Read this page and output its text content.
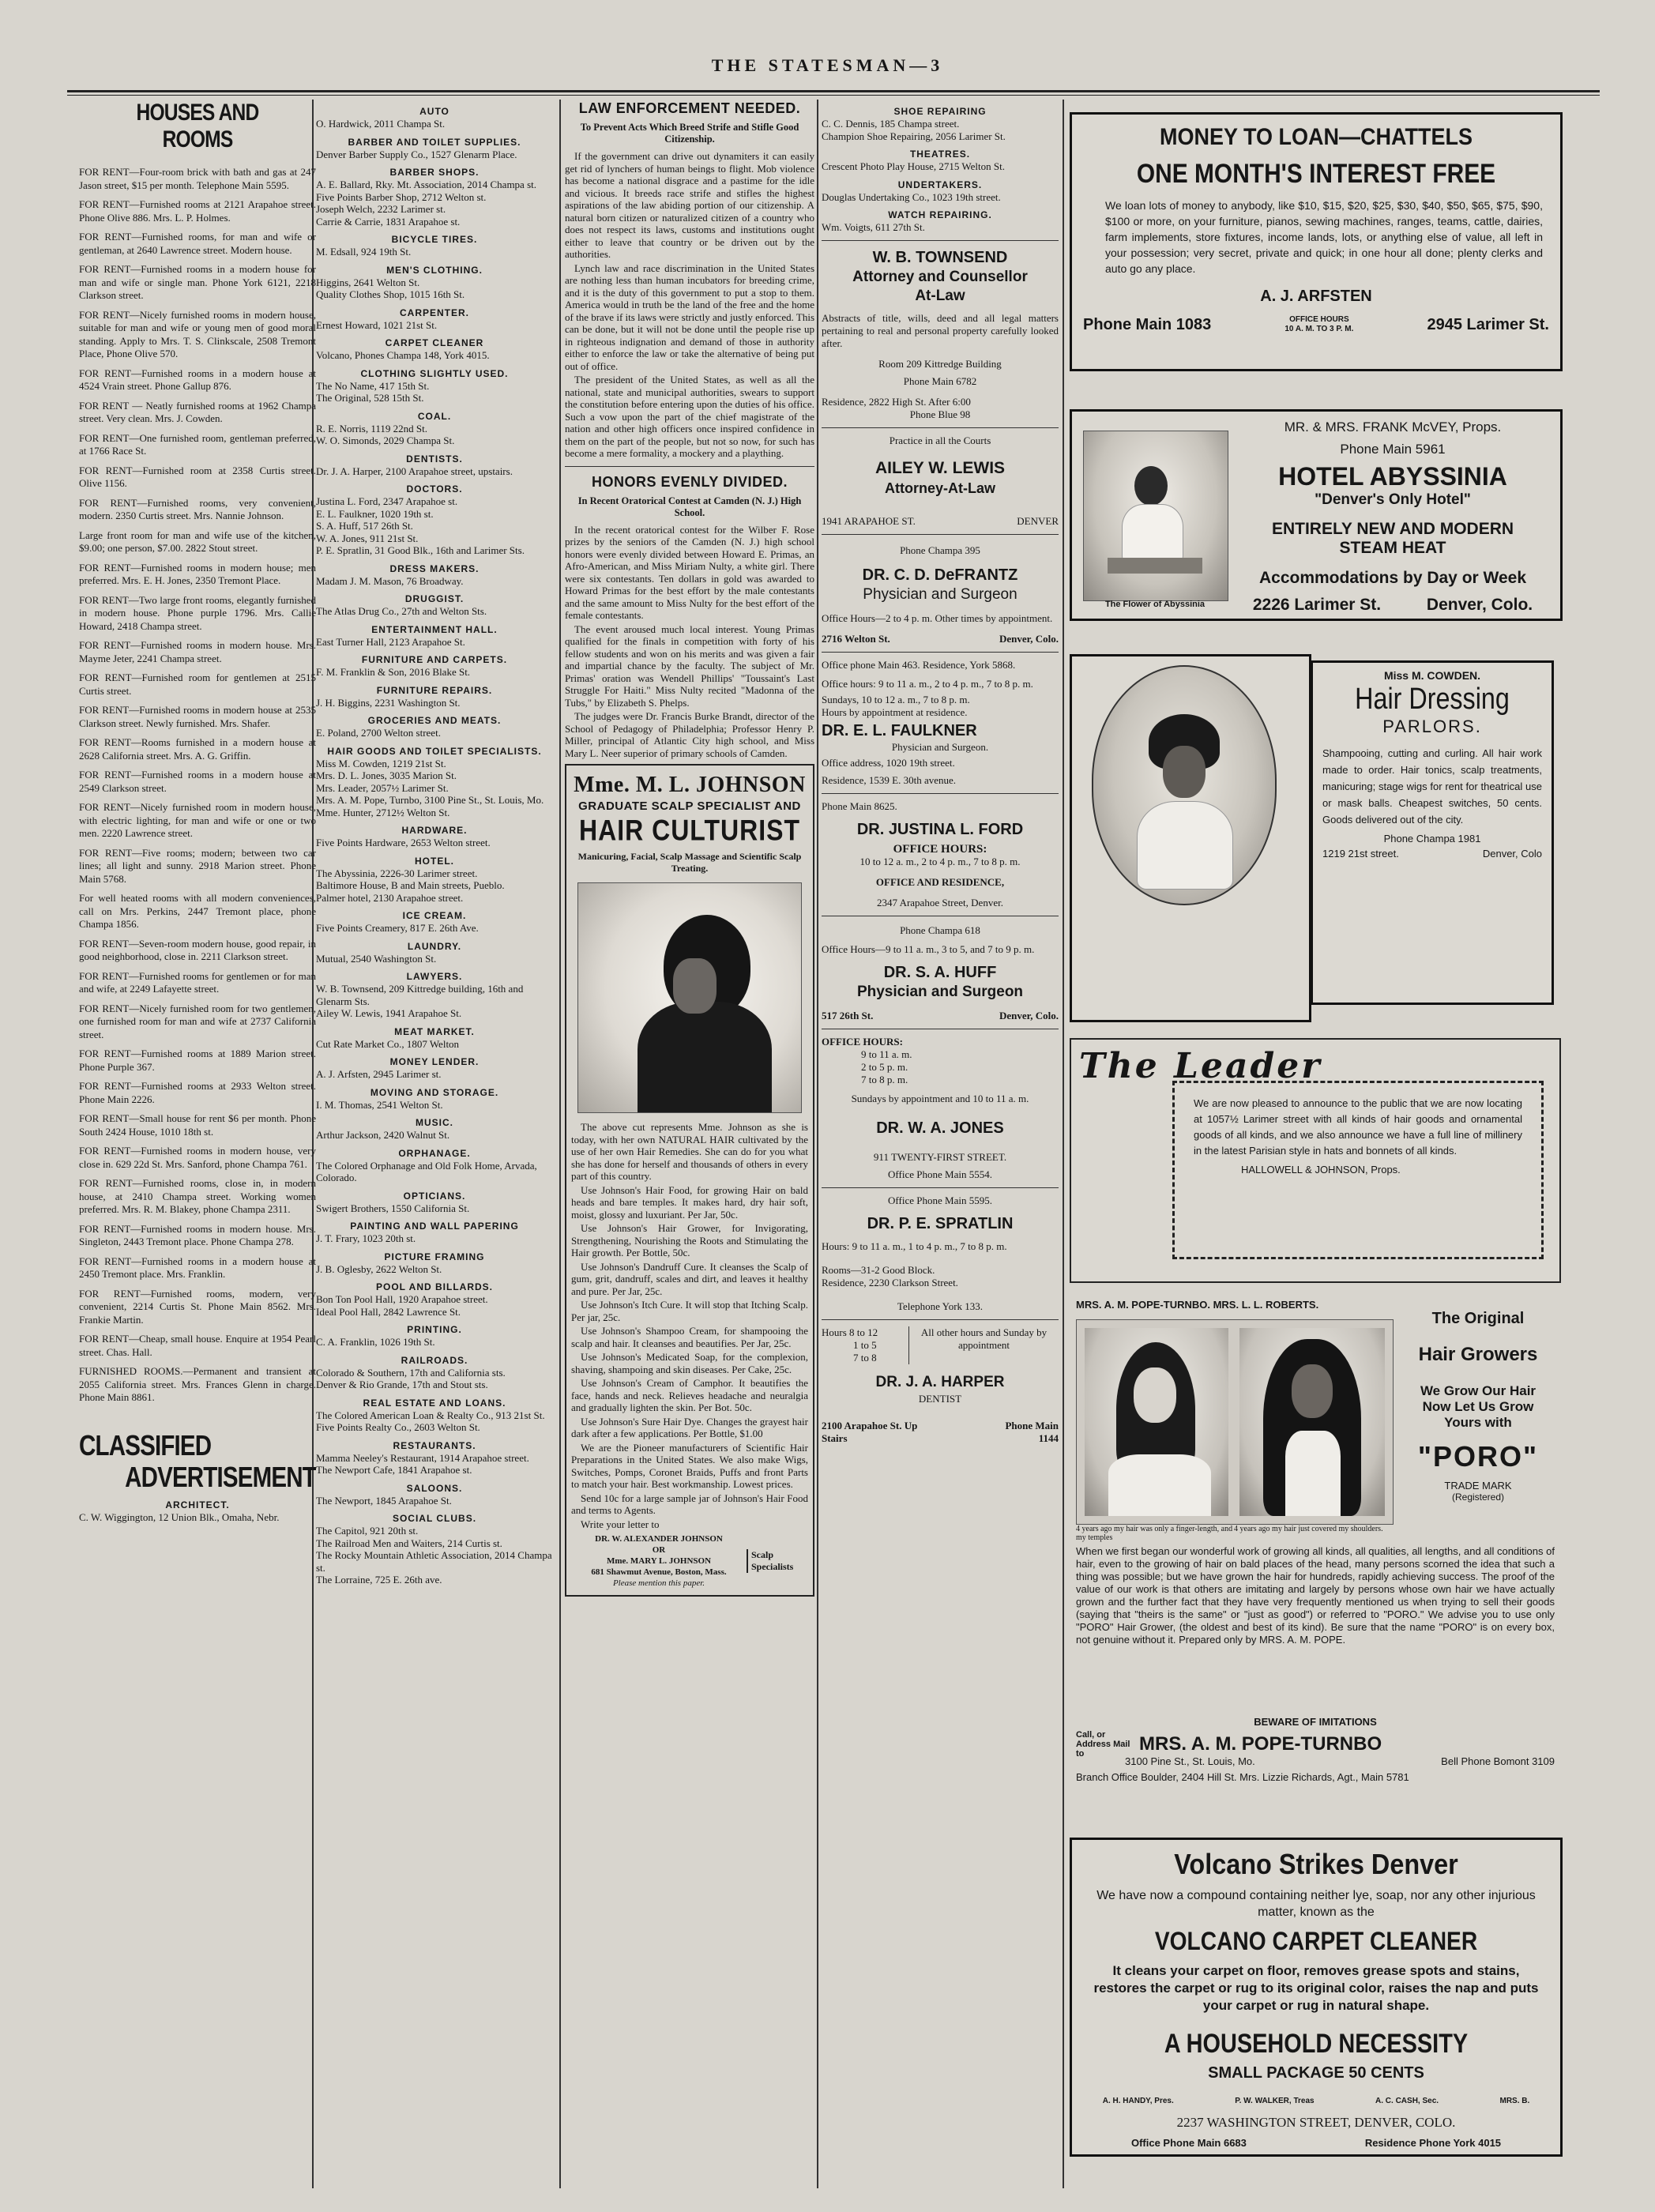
THE STATESMAN—3
HOUSES AND ROOMS

FOR RENT—Four-room brick with bath and gas at 247 Jason street, $15 per month. Telephone Main 5595.

FOR RENT—Furnished rooms at 2121 Arapahoe street. Phone Olive 886. Mrs. L. P. Holmes.

FOR RENT—Furnished rooms, for man and wife or gentleman, at 2640 Lawrence street. Modern house.

FOR RENT—Furnished rooms in a modern house for man and wife or single man. Phone York 6121, 2218 Clarkson street.

FOR RENT—Nicely furnished rooms in modern house, suitable for man and wife or young men of good moral standing. Apply to Mrs. T. S. Clinkscale, 2508 Tremont Place, Phone Olive 570.

FOR RENT—Furnished rooms in a modern house at 4524 Vrain street. Phone Gallup 876.

FOR RENT — Neatly furnished rooms at 1962 Champa street. Very clean. Mrs. J. Cowden.

FOR RENT—One furnished room, gentleman preferred, at 1766 Race St.

FOR RENT—Furnished room at 2358 Curtis street. Olive 1156.

FOR RENT—Furnished rooms, very convenient, modern. 2350 Curtis street. Mrs. Nannie Johnson.

Large front room for man and wife use of the kitchen, $9.00; one person, $7.00. 2822 Stout street.

FOR RENT—Furnished rooms in modern house; men preferred. Mrs. E. H. Jones, 2350 Tremont Place.

FOR RENT—Two large front rooms, elegantly furnished in modern house. Phone purple 1796. Mrs. Callie Howard, 2418 Champa street.

FOR RENT—Furnished rooms in modern house. Mrs. Mayme Jeter, 2241 Champa street.

FOR RENT—Furnished room for gentlemen at 2515 Curtis street.

FOR RENT—Furnished rooms in modern house at 2535 Clarkson street. Newly furnished. Mrs. Shafer.

FOR RENT—Rooms furnished in a modern house at 2628 California street. Mrs. A. G. Griffin.

FOR RENT—Furnished rooms in a modern house at 2549 Clarkson street.

FOR RENT—Nicely furnished room in modern house, with electric lighting, for man and wife or one or two men. 2220 Lawrence street.

FOR RENT—Five rooms; modern; between two car lines; all light and sunny. 2918 Marion street. Phone Main 5768.

For well heated rooms with all modern conveniences, call on Mrs. Perkins, 2447 Tremont place, phone Champa 1856.

FOR RENT—Seven-room modern house, good repair, in good neighborhood, close in. 2211 Clarkson street.

FOR RENT—Furnished rooms for gentlemen or for man and wife, at 2249 Lafayette street.

FOR RENT—Nicely furnished room for two gentlemen, one furnished room for man and wife at 2737 California street.

FOR RENT—Furnished rooms at 1889 Marion street. Phone Purple 367.

FOR RENT—Furnished rooms at 2933 Welton street. Phone Main 2226.

FOR RENT—Small house for rent $6 per month. Phone South 2424 House, 1010 18th st.

FOR RENT—Furnished rooms in modern house, very close in. 629 22d St. Mrs. Sanford, phone Champa 761.

FOR RENT—Furnished rooms, close in, in modern house, at 2410 Champa street. Working women preferred. Mrs. R. M. Blakey, phone Champa 2311.

FOR RENT—Furnished rooms in modern house. Mrs. Singleton, 2443 Tremont place. Phone Champa 278.

FOR RENT—Furnished rooms in a modern house at 2450 Tremont place. Mrs. Franklin.

FOR RENT—Furnished rooms, modern, very convenient, 2214 Curtis St. Phone Main 8562. Mrs. Frankie Martin.

FOR RENT—Cheap, small house. Enquire at 1954 Pearl street. Chas. Hall.

FURNISHED ROOMS.—Permanent and transient at 2055 California street. Mrs. Frances Glenn in charge. Phone Main 8861.

CLASSIFIED
ADVERTISEMENT
ARCHITECT.
C. W. Wiggington, 12 Union Blk., Omaha, Nebr.
AUTO
O. Hardwick, 2011 Champa St.
BARBER AND TOILET SUPPLIES.
Denver Barber Supply Co., 1527 Glenarm Place.
BARBER SHOPS.
A. E. Ballard, Rky. Mt. Association, 2014 Champa st.
Five Points Barber Shop, 2712 Welton st.
Joseph Welch, 2232 Larimer st.
Carrie & Carrie, 1831 Arapahoe st.
BICYCLE TIRES.
M. Edsall, 924 19th St.
MEN'S CLOTHING.
Higgins, 2641 Welton St.
Quality Clothes Shop, 1015 16th St.
CARPENTER.
Ernest Howard, 1021 21st St.
CARPET CLEANER
Volcano, Phones Champa 148, York 4015.
CLOTHING SLIGHTLY USED.
The No Name, 417 15th St.
The Original, 528 15th St.
COAL.
R. E. Norris, 1119 22nd St.
W. O. Simonds, 2029 Champa St.
DENTISTS.
Dr. J. A. Harper, 2100 Arapahoe street, upstairs.
DOCTORS.
Justina L. Ford, 2347 Arapahoe st.
E. L. Faulkner, 1020 19th st.
S. A. Huff, 517 26th St.
W. A. Jones, 911 21st St.
P. E. Spratlin, 31 Good Blk., 16th and Larimer Sts.
DRESS MAKERS.
Madam J. M. Mason, 76 Broadway.
DRUGGIST.
The Atlas Drug Co., 27th and Welton Sts.
ENTERTAINMENT HALL.
East Turner Hall, 2123 Arapahoe St.
FURNITURE AND CARPETS.
F. M. Franklin & Son, 2016 Blake St.
FURNITURE REPAIRS.
J. H. Biggins, 2231 Washington St.
GROCERIES AND MEATS.
E. Poland, 2700 Welton street.
HAIR GOODS AND TOILET SPECIALISTS.
Miss M. Cowden, 1219 21st St.
Mrs. D. L. Jones, 3035 Marion St.
Mrs. Leader, 2057½ Larimer St.
Mrs. A. M. Pope, Turnbo, 3100 Pine St., St. Louis, Mo.
Mme. Hunter, 2712½ Welton St.
HARDWARE.
Five Points Hardware, 2653 Welton street.
HOTEL.
The Abyssinia, 2226-30 Larimer street.
Baltimore House, B and Main streets, Pueblo.
Palmer hotel, 2130 Arapahoe street.
ICE CREAM.
Five Points Creamery, 817 E. 26th Ave.
LAUNDRY.
Mutual, 2540 Washington St.
LAWYERS.
W. B. Townsend, 209 Kittredge building, 16th and Glenarm Sts.
Ailey W. Lewis, 1941 Arapahoe St.
MEAT MARKET.
Cut Rate Market Co., 1807 Welton
MONEY LENDER.
A. J. Arfsten, 2945 Larimer st.
MOVING AND STORAGE.
I. M. Thomas, 2541 Welton St.
MUSIC.
Arthur Jackson, 2420 Walnut St.
ORPHANAGE.
The Colored Orphanage and Old Folk Home, Arvada, Colorado.
OPTICIANS.
Swigert Brothers, 1550 California St.
PAINTING AND WALL PAPERING
J. T. Frary, 1023 20th st.
PICTURE FRAMING
J. B. Oglesby, 2622 Welton St.
POOL AND BILLARDS.
Bon Ton Pool Hall, 1920 Arapahoe street.
Ideal Pool Hall, 2842 Lawrence St.
PRINTING.
C. A. Franklin, 1026 19th St.
RAILROADS.
Colorado & Southern, 17th and California sts.
Denver & Rio Grande, 17th and Stout sts.
REAL ESTATE AND LOANS.
The Colored American Loan & Realty Co., 913 21st St.
Five Points Realty Co., 2603 Welton St.
RESTAURANTS.
Mamma Neeley's Restaurant, 1914 Arapahoe street.
The Newport Cafe, 1841 Arapahoe st.
SALOONS.
The Newport, 1845 Arapahoe St.
SOCIAL CLUBS.
The Capitol, 921 20th st.
The Railroad Men and Waiters, 214 Curtis st.
The Rocky Mountain Athletic Association, 2014 Champa st.
The Lorraine, 725 E. 26th ave.
LAW ENFORCEMENT NEEDED.
To Prevent Acts Which Breed Strife and Stifle Good Citizenship.

If the government can drive out dynamiters it can easily get rid of lynchers of human beings to flight. Mob violence has become a national disgrace and a pastime for the idle and vicious. It breeds race strife and stifles the highest aspirations of the law abiding portion of our citizenship. A natural born citizen or naturalized citizen of a country who does not respect its laws, customs and institutions ought either to leave that country or be driven out by the authorities.

Lynch law and race discrimination in the United States are nothing less than human incubators for breeding crime, and it is the duty of this government to put a stop to them. America would in truth be the land of the free and the home of the brave if its laws were strictly and justly enforced. This can be done, but it will not be done until the people rise up in righteous indignation and demand of those in authority either to enforce the law or take the alternative of being put out of office.

The president of the United States, as well as all the national, state and municipal authorities, swears to support the constitution before entering upon the duties of his office. Such a vow upon the part of the chief magistrate of the nation and other high officers once inspired confidence in them on the part of the people, but not so now, for such has become a mere formality, a mockery and a plaything.

HONORS EVENLY DIVIDED.
In Recent Oratorical Contest at Camden (N. J.) High School.

In the recent oratorical contest for the Wilber F. Rose prizes by the seniors of the Camden (N. J.) high school honors were evenly divided between Howard E. Primas, an Afro-American, and Miss Miriam Nulty, a white girl. There were six contestants. Ten dollars in gold was awarded to Howard Primas for the best effort by the male contestants and the same amount to Miss Nulty for the best effort of the female contestants.

The event aroused much local interest. Young Primas qualified for the finals in competition with forty of his fellow students and won on his merits and was given a fair and impartial chance by the faculty. The subject of Mr. Primas' oration was Wendell Phillips' "Toussaint's Last Struggle For Haiti." Miss Nulty recited "Madonna of the Tubs," by Elizabeth S. Phelps.

The judges were Dr. Francis Burke Brandt, director of the School of Pedagogy of Philadelphia; Professor Henry P. Miller, principal of Atlantic City high school, and Miss Mary L. Neer superior of primary schools of Camden.

Mme. M. L. JOHNSON
GRADUATE SCALP SPECIALIST AND
HAIR CULTURIST
Manicuring, Facial, Scalp Massage and Scientific Scalp Treating.

The above cut represents Mme. Johnson as she is today, with her own NATURAL HAIR cultivated by the use of her own Hair Remedies. She can do for you what she has done for herself and thousands of others in every part of this country.

Use Johnson's Hair Food, for growing Hair on bald heads and bare temples. It makes hard, dry hair soft, moist, glossy and luxuriant. Per Jar, 50c.

Use Johnson's Hair Grower, for Invigorating, Strengthening, Nourishing the Roots and Stimulating the Hair growth. Per Bottle, 50c.

Use Johnson's Dandruff Cure. It cleanses the Scalp of gum, grit, dandruff, scales and dirt, and leaves it healthy and pure. Per Jar, 25c.

Use Johnson's Itch Cure. It will stop that Itching Scalp. Per jar, 25c.

Use Johnson's Shampoo Cream, for shampooing the scalp and hair. It cleanses and beautifies. Per Jar, 25c.

Use Johnson's Medicated Soap, for the complexion, shaving, shampoing and skin diseases. Per Cake, 25c.

Use Johnson's Cream of Camphor. It beautifies the face, hands and neck. Relieves headache and neuralgia and gradually lighten the skin. Per Bot. 50c.

Use Johnson's Sure Hair Dye. Changes the grayest hair dark after a few applications. Per Bottle, $1.00

We are the Pioneer manufacturers of Scientific Hair Preparations in the United States. We also make Wigs, Switches, Pomps, Coronet Braids, Puffs and front Parts to match your hair. Best workmanship. Lowest prices.

Send 10c for a large sample jar of Johnson's Hair Food and terms to Agents.

Write your letter to

DR. W. ALEXANDER JOHNSON
OR
Mme. MARY L. JOHNSON
681 Shawmut Avenue, Boston, Mass.
Please mention this paper.
Scalp Specialists
SHOE REPAIRING
C. C. Dennis, 185 Champa street.
Champion Shoe Repairing, 2056 Larimer St.
THEATRES.
Crescent Photo Play House, 2715 Welton St.
UNDERTAKERS.
Douglas Undertaking Co., 1023 19th street.
WATCH REPAIRING.
Wm. Voigts, 611 27th St.
W. B. TOWNSEND
Attorney and Counsellor
At-Law
Abstracts of title, wills, deed and all legal matters pertaining to real and personal property carefully looked after.
Room 209 Kittredge Building
Phone Main 6782
Residence, 2822 High St. After 6:00
Phone Blue 98
Practice in all the Courts
AILEY W. LEWIS
Attorney-At-Law
1941 ARAPAHOE ST.	DENVER
Phone Champa 395
DR. C. D. DeFRANTZ
Physician and Surgeon
Office Hours—2 to 4 p. m. Other times by appointment.
2716 Welton St.	Denver, Colo.
Office phone Main 463. Residence, York 5868.
Office hours: 9 to 11 a. m., 2 to 4 p. m., 7 to 8 p. m.
Sundays, 10 to 12 a. m., 7 to 8 p. m.
Hours by appointment at residence.
DR. E. L. FAULKNER
Physician and Surgeon.
Office address, 1020 19th street.
Residence, 1539 E. 30th avenue.
Phone Main 8625.
DR. JUSTINA L. FORD
OFFICE HOURS:
10 to 12 a. m., 2 to 4 p. m., 7 to 8 p. m.
OFFICE AND RESIDENCE,
2347 Arapahoe Street, Denver.
Phone Champa 618
Office Hours—9 to 11 a. m., 3 to 5, and 7 to 9 p. m.
DR. S. A. HUFF
Physician and Surgeon
517 26th St.	Denver, Colo.
OFFICE HOURS:
9 to 11 a. m.
2 to 5 p. m.
7 to 8 p. m.
Sundays by appointment and 10 to 11 a. m.
DR. W. A. JONES
911 TWENTY-FIRST STREET.
Office Phone Main 5554.
Office Phone Main 5595.
DR. P. E. SPRATLIN
Hours: 9 to 11 a. m., 1 to 4 p. m., 7 to 8 p. m.
Rooms—31-2 Good Block.
Residence, 2230 Clarkson Street.
Telephone York 133.
Hours 8 to 12
1 to 5
7 to 8
All other hours and Sunday by appointment
DR. J. A. HARPER
DENTIST
2100 Arapahoe St. Up Stairs
Phone Main 1144
MONEY TO LOAN—CHATTELS
ONE MONTH'S INTEREST FREE
We loan lots of money to anybody, like $10, $15, $20, $25, $30, $40, $50, $65, $75, $90, $100 or more, on your furniture, pianos, sewing machines, ranges, teams, cattle, dairies, farm implements, store fixtures, income lands, lots, or anything else of value, all left in your possession; very secret, private and quick; in one hour all done; plenty clerks and auto go any place.
A. J. ARFSTEN
Phone Main 1083	OFFICE HOURS
10 A. M. TO 3 P. M.	2945 Larimer St.
The Flower of Abyssinia
MR. & MRS. FRANK McVEY, Props.
Phone Main 5961
HOTEL ABYSSINIA
"Denver's Only Hotel"
ENTIRELY NEW AND MODERN
STEAM HEAT
Accommodations by Day or Week
2226 Larimer St.	Denver, Colo.
Miss M. COWDEN.
Hair Dressing
PARLORS.
Shampooing, cutting and curling. All hair work made to order. Hair tonics, scalp treatments, manicuring; stage wigs for rent for theatrical use or mask balls. Cheapest switches, 50 cents. Goods delivered out of the city.
Phone Champa 1981
1219 21st street.	Denver, Colo
The Leader
We are now pleased to announce to the public that we are now locating at 1057½ Larimer street with all kinds of hair goods and ornamental goods of all kinds, and we also announce we have a full line of millinery in the latest Parisian style in hats and bonnets of all kinds.
HALLOWELL & JOHNSON, Props.
MRS. A. M. POPE-TURNBO. MRS. L. L. ROBERTS.
The Original
Hair Growers
We Grow Our Hair
Now Let Us Grow
Yours with
"PORO"
TRADE MARK
(Registered)
4 years ago my hair was only a finger-length, and my temples
4 years ago my hair just covered my shoulders.
When we first began our wonderful work of growing all kinds, all qualities, all lengths, and all conditions of hair, even to the growing of hair on bald places of the head, many persons scorned the idea that such a thing was possible; but we have grown the hair for hundreds, rapidly achieving success. The proof of the value of our work is that others are imitating and largely by persons whose own hair we have actually grown and the further fact that they have very frequently mentioned us when trying to sell their goods (saying that "theirs is the same" or "just as good") or referred to "PORO." We advise you to use only "PORO" Hair Grower, (the oldest and best of its kind). Be sure that the name "PORO" is on every box, not genuine without it. Prepared only by MRS. A. M. POPE.
BEWARE OF IMITATIONS
Call, or Address Mail to	MRS. A. M. POPE-TURNBO
3100 Pine St., St. Louis, Mo.	Bell Phone Bomont 3109
Branch Office Boulder, 2404 Hill St. Mrs. Lizzie Richards, Agt., Main 5781
Volcano Strikes Denver
We have now a compound containing neither lye, soap, nor any other injurious matter, known as the
VOLCANO CARPET CLEANER
It cleans your carpet on floor, removes grease spots and stains, restores the carpet or rug to its original color, raises the nap and puts your carpet or rug in natural shape.
A HOUSEHOLD NECESSITY
SMALL PACKAGE 50 CENTS
A. H. HANDY, Pres.	P. W. WALKER, Treas	A. C. CASH, Sec.	MRS. B.
2237 WASHINGTON STREET, DENVER, COLO.
Office Phone Main 6683	Residence Phone York 4015
